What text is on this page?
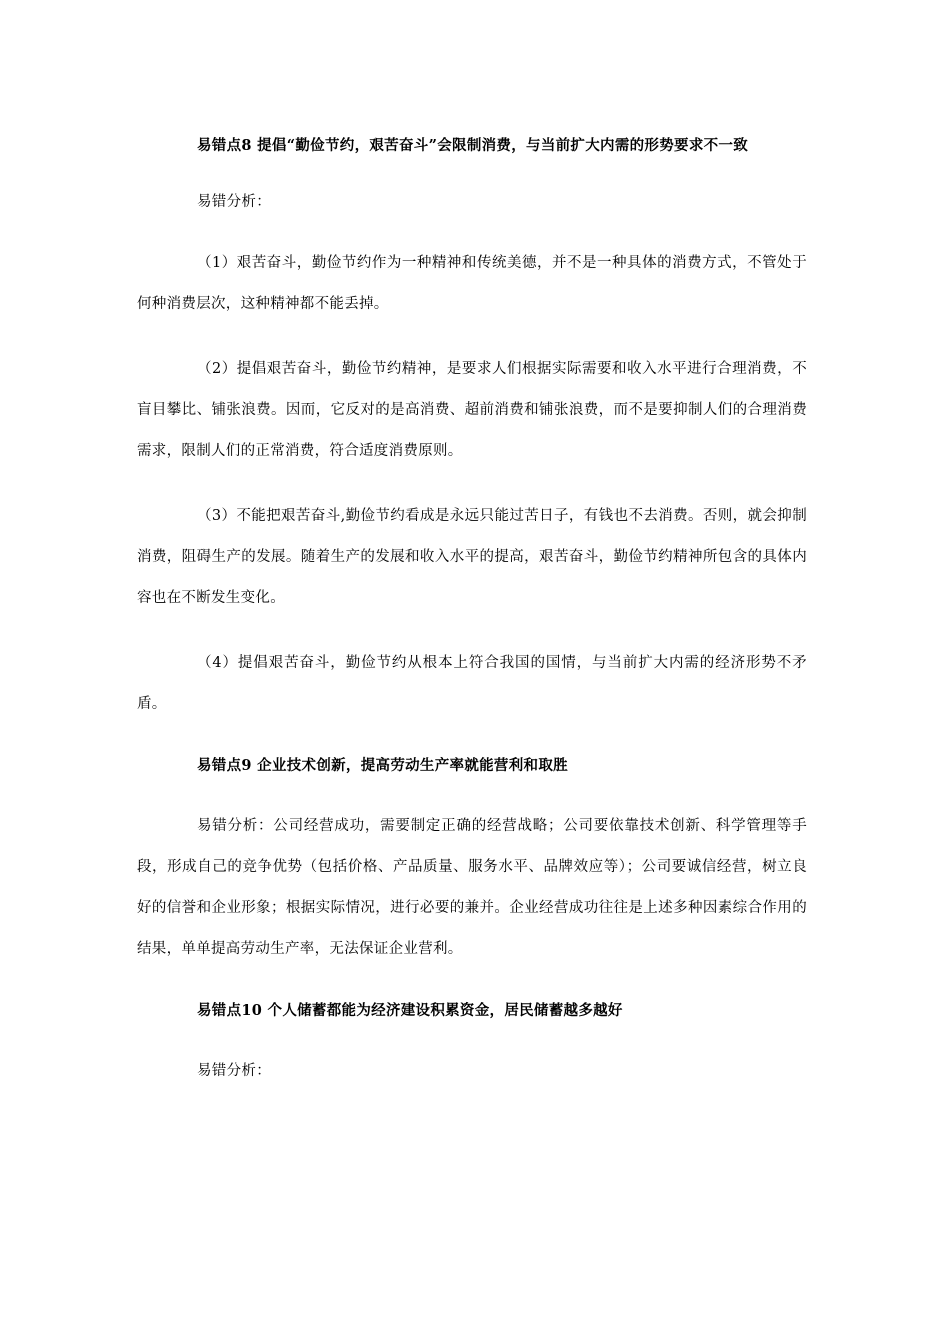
易错点8 提倡“勤俭节约，艰苦奋斗”会限制消费，与当前扩大内需的形势要求不一致

易错分析：

（1）艰苦奋斗，勤俭节约作为一种精神和传统美德，并不是一种具体的消费方式，不管处于何种消费层次，这种精神都不能丢掉。

（2）提倡艰苦奋斗，勤俭节约精神，是要求人们根据实际需要和收入水平进行合理消费，不盲目攀比、铺张浪费。因而，它反对的是高消费、超前消费和铺张浪费，而不是要抑制人们的合理消费需求，限制人们的正常消费，符合适度消费原则。

（3）不能把艰苦奋斗,勤俭节约看成是永远只能过苦日子，有钱也不去消费。否则，就会抑制消费，阻碍生产的发展。随着生产的发展和收入水平的提高，艰苦奋斗，勤俭节约精神所包含的具体内容也在不断发生变化。

（4）提倡艰苦奋斗，勤俭节约从根本上符合我国的国情，与当前扩大内需的经济形势不矛盾。

易错点9 企业技术创新，提高劳动生产率就能营利和取胜

易错分析：公司经营成功，需要制定正确的经营战略；公司要依靠技术创新、科学管理等手段，形成自己的竞争优势（包括价格、产品质量、服务水平、品牌效应等）；公司要诚信经营，树立良好的信誉和企业形象；根据实际情况，进行必要的兼并。企业经营成功往往是上述多种因素综合作用的结果，单单提高劳动生产率，无法保证企业营利。

易错点10 个人储蓄都能为经济建设积累资金，居民储蓄越多越好

易错分析：
